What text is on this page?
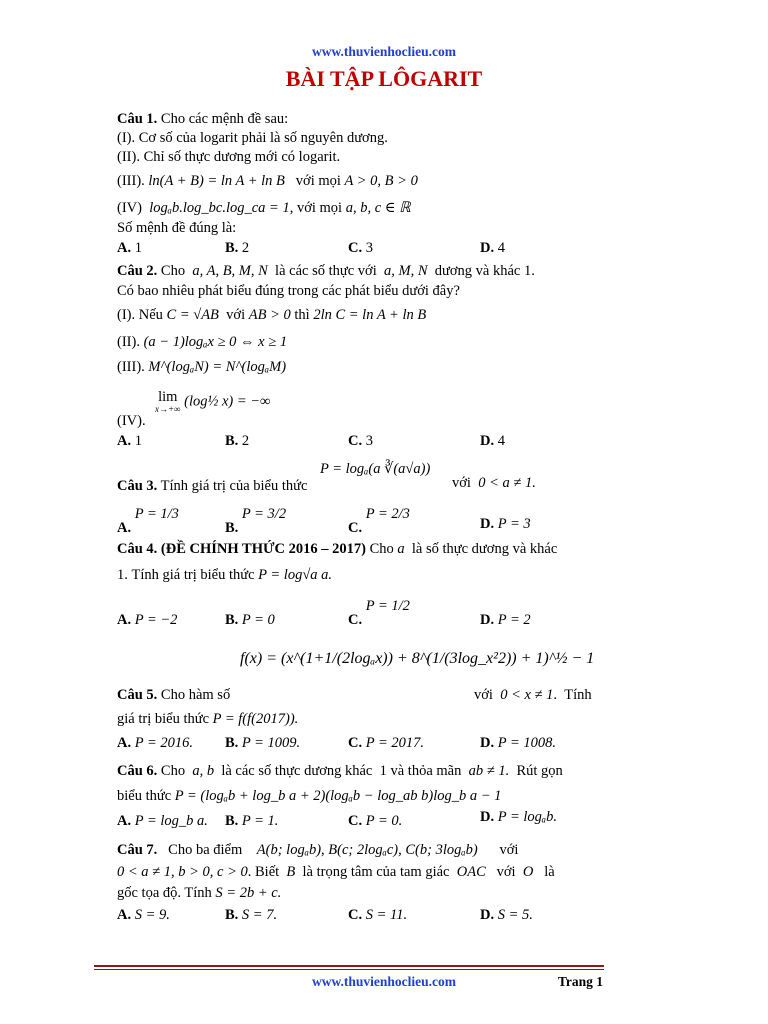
www.thuvienhoclieu.com
BÀI TẬP LÔGARIT
Câu 1. Cho các mệnh đề sau:
(I). Cơ số của logarit phải là số nguyên dương.
(II). Chỉ số thực dương mới có logarit.
(III). ln(A + B) = ln A + ln B với mọi A > 0, B > 0
(IV) logₐb.log_bc.log_ca = 1, với mọi a, b, c ∈ ℝ
Số mệnh đề đúng là:
A. 1	B. 2	C. 3	D. 4
Câu 2. Cho a, A, B, M, N là các số thực với a, M, N dương và khác 1.
Có bao nhiêu phát biểu đúng trong các phát biểu dưới đây?
(I). Nếu C = √AB với AB > 0 thì 2ln C = ln A + ln B
(II). (a − 1)logₐx ≥ 0 ⇔ x ≥ 1
(III). M^(logₐN) = N^(logₐM)
lim
x→+∞ (log½ x) = −∞
(IV).
A. 1	B. 2	C. 3	D. 4
P = logₐ(a ∛(a√a))
Câu 3. Tính giá trị của biểu thức	với 0 < a ≠ 1.
A. P = 1/3
B. P = 3/2
C. P = 2/3
D. P = 3
Câu 4. (ĐỀ CHÍNH THỨC 2016 – 2017) Cho a là số thực dương và khác
1. Tính giá trị biểu thức P = log√a a.
A. P = −2	B. P = 0	C. P = 1/2
D. P = 2
f(x) = (x^(1+1/(2logₐx)) + 8^(1/(3log_x²2)) + 1)^½ − 1
Câu 5. Cho hàm số	với 0 < x ≠ 1.  Tính
giá trị biểu thức P = f(f(2017)).
A. P = 2016. B. P = 1009.	C. P = 2017.	D. P = 1008.
Câu 6. Cho a, b là các số thực dương khác 1 và thỏa mãn ab ≠ 1. Rút gọn
biểu thức P = (logₐb + log_b a + 2)(logₐb − log_ab b)log_b a − 1
A. P = log_b a. B. P = 1.	C. P = 0.	D. P = logₐb.
Câu 7. Cho ba điểm A(b; logₐb), B(c; 2logₐc), C(b; 3logₐb) với
0 < a ≠ 1, b > 0, c > 0. Biết B là trọng tâm của tam giác OAC với O là
gốc tọa độ. Tính S = 2b + c.
A. S = 9.	B. S = 7.	C. S = 11.	D. S = 5.
www.thuvienhoclieu.com	Trang 1
